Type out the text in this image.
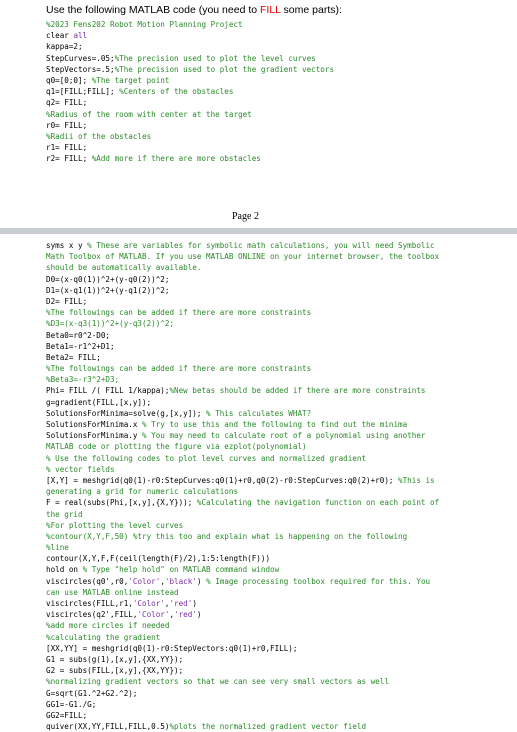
Use the following MATLAB code (you need to FILL some parts):
%2023 Fens202 Robot Motion Planning Project
clear all
kappa=2;
StepCurves=.05;%The precision used to plot the level curves
StepVectors=.5;%The precision used to plot the gradient vectors
q0=[0;0]; %The target point
q1=[FILL;FILL]; %Centers of the obstacles
q2= FILL;
%Radius of the room with center at the target
r0= FILL;
%Radii of the obstacles
r1= FILL;
r2= FILL; %Add more if there are more obstacles
Page 2
syms x y % These are variables for symbolic math calculations, you will need Symbolic
Math Toolbox of MATLAB. If you use MATLAB ONLINE on your internet browser, the toolbox
should be automatically available.
D0=(x-q0(1))^2+(y-q0(2))^2;
D1=(x-q1(1))^2+(y-q1(2))^2;
D2= FILL;
%The followings can be added if there are more constraints
%D3=(x-q3(1))^2+(y-q3(2))^2;
Beta0=r0^2-D0;
Beta1=-r1^2+D1;
Beta2= FILL;
%The followings can be added if there are more constraints
%Beta3=-r3^2+D3;
Phi= FILL /( FILL 1/kappa);%New betas should be added if there are more constraints
g=gradient(FILL,[x,y]);
SolutionsForMinima=solve(g,[x,y]); % This calculates WHAT?
SolutionsForMinima.x % Try to use this and the following to find out the minima
SolutionsForMinima.y % You may need to calculate root of a polynomial using another
MATLAB code or plotting the figure via ezplot(polynomial)
% Use the following codes to plot level curves and normalized gradient
% vector fields
[X,Y] = meshgrid(q0(1)-r0:StepCurves:q0(1)+r0,q0(2)-r0:StepCurves:q0(2)+r0); %This is
generating a grid for numeric calculations
F = real(subs(Phi,[x,y],{X,Y})); %Calculating the navigation function on each point of
the grid
%For plotting the level curves
%contour(X,Y,F,50) %try this too and explain what is happening on the following
%line
contour(X,Y,F,F(ceil(length(F)/2),1:5:length(F)))
hold on % Type "help hold" on MATLAB command window
viscircles(q0',r0,'Color','black') % Image processing toolbox required for this. You
can use MATLAB online instead
viscircles(FILL,r1,'Color','red')
viscircles(q2',FILL,'Color','red')
%add more circles if needed
%calculating the gradient
[XX,YY] = meshgrid(q0(1)-r0:StepVectors:q0(1)+r0,FILL);
G1 = subs(g(1),[x,y],{XX,YY});
G2 = subs(FILL,[x,y],{XX,YY});
%normalizing gradient vectors so that we can see very small vectors as well
G=sqrt(G1.^2+G2.^2);
GG1=-G1./G;
GG2=FILL;
quiver(XX,YY,FILL,FILL,0.5)%plots the normalized gradient vector field
